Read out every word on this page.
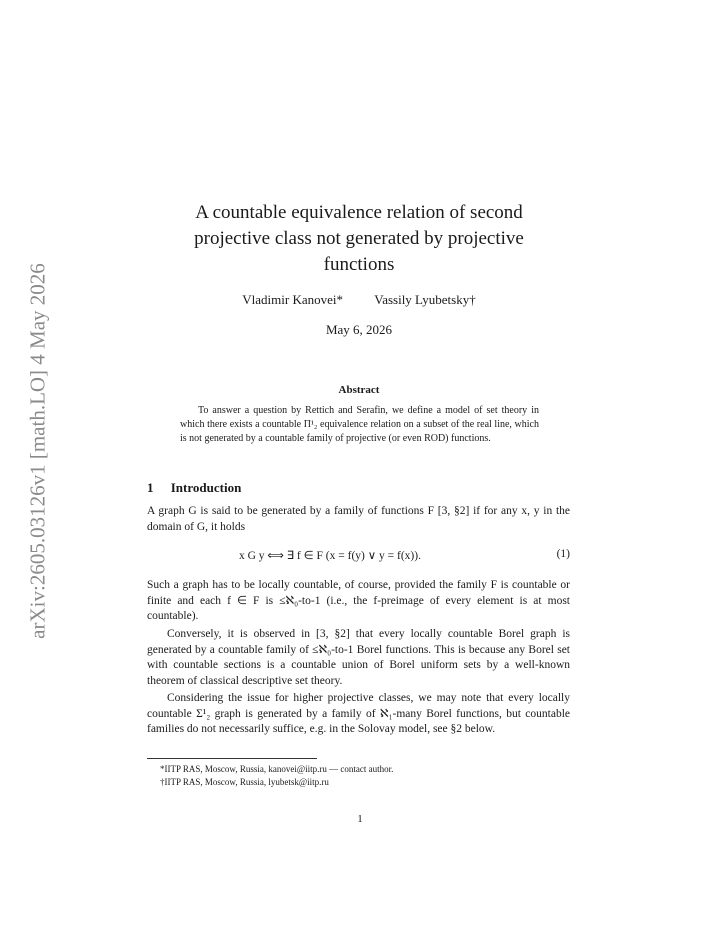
arXiv:2605.03126v1 [math.LO] 4 May 2026
A countable equivalence relation of second projective class not generated by projective functions
Vladimir Kanovei* Vassily Lyubetsky†
May 6, 2026
Abstract
To answer a question by Rettich and Serafin, we define a model of set theory in which there exists a countable Π¹₂ equivalence relation on a subset of the real line, which is not generated by a countable family of projective (or even ROD) functions.
1 Introduction
A graph G is said to be generated by a family of functions F [3, §2] if for any x, y in the domain of G, it holds
x G y ⟺ ∃ f ∈ F (x = f(y) ∨ y = f(x)).	(1)
Such a graph has to be locally countable, of course, provided the family F is countable or finite and each f ∈ F is ≤ℵ₀-to-1 (i.e., the f-preimage of every element is at most countable).
Conversely, it is observed in [3, §2] that every locally countable Borel graph is generated by a countable family of ≤ℵ₀-to-1 Borel functions. This is because any Borel set with countable sections is a countable union of Borel uniform sets by a well-known theorem of classical descriptive set theory.
Considering the issue for higher projective classes, we may note that every locally countable Σ¹₂ graph is generated by a family of ℵ₁-many Borel functions, but countable families do not necessarily suffice, e.g. in the Solovay model, see §2 below.
*IITP RAS, Moscow, Russia, kanovei@iitp.ru — contact author.
†IITP RAS, Moscow, Russia, lyubetsk@iitp.ru
1
